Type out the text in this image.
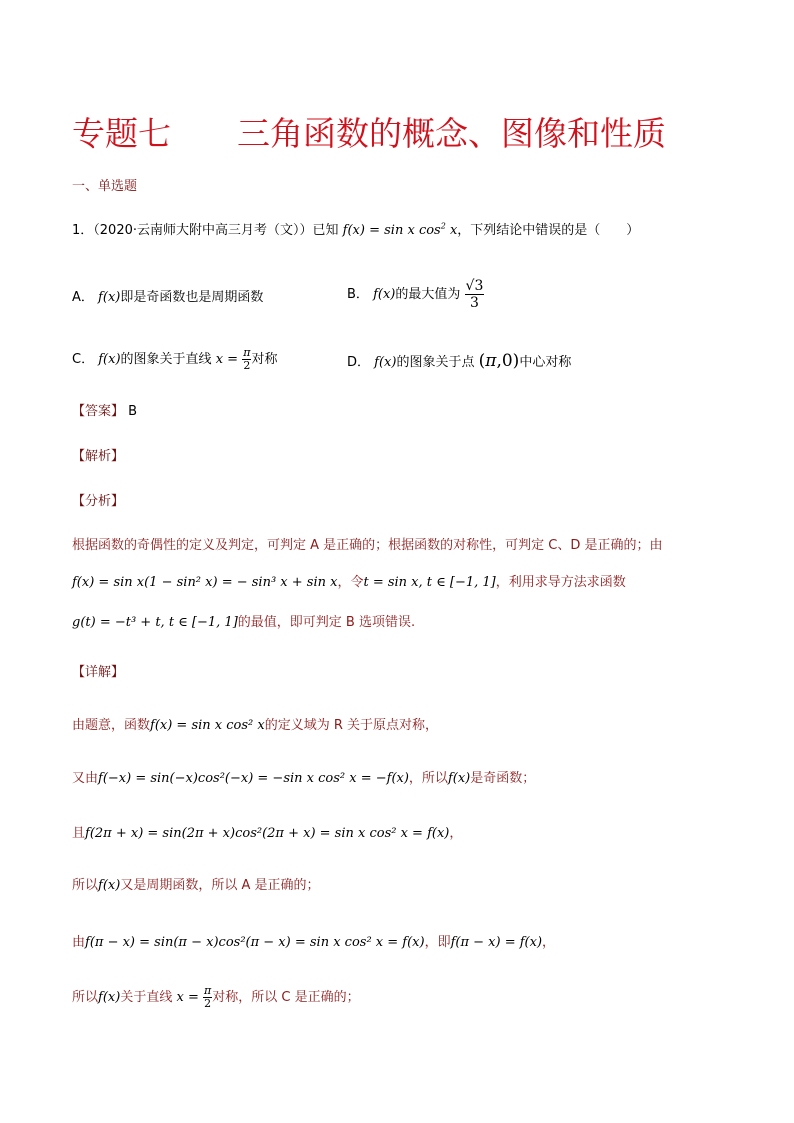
专题七 三角函数的概念、图像和性质
一、单选题
1．（2020·云南师大附中高三月考（文））已知 f(x) = sin x $\cos^2 x$，下列结论中错误的是（　　）
A． f(x)即是奇函数也是周期函数	B． f(x)的最大值为 $\frac{√3}{3}$
C． f(x)的图象关于直线 $x = \frac{\pi}{2}$ 对称	D． f(x)的图象关于点 (π,0)中心对称
【答案】 B
【解析】
【分析】
根据函数的奇偶性的定义及判定，可判定 A 是正确的；根据函数的对称性，可判定 C、D 是正确的；由
f(x) = sin x(1 − sin² x) = − sin³ x + sin x，令t = sin x, t ∈ [−1, 1]，利用求导方法求函数
g(t) = −t³ + t, t ∈ [−1, 1]的最值，即可判定 B 选项错误.
【详解】
由题意，函数f(x) = sin x cos² x的定义域为 R 关于原点对称，
又由f(−x) = sin(−x)cos²(−x) = −sin x cos² x = −f(x)，所以f(x)是奇函数；
且f(2π + x) = sin(2π + x)cos²(2π + x) = sin x cos² x = f(x)，
所以f(x)又是周期函数，所以 A 是正确的；
由f(π − x) = sin(π − x)cos²(π − x) = sin x cos² x = f(x)，即f(π − x) = f(x)，
所以f(x)关于直线 $x = \frac{\pi}{2}$ 对称，所以 C 是正确的；
